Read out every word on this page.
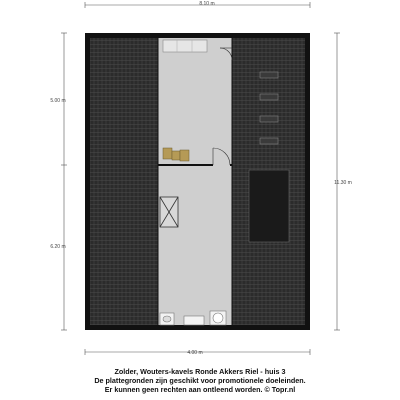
8.10 m
5.00 m
6.20 m
11.30 m
4.00 m
Zolder, Wouters-kavels Ronde Akkers Riel - huis 3
De plattegronden zijn geschikt voor promotionele doeleinden.
Er kunnen geen rechten aan ontleend worden. © Topr.nl
